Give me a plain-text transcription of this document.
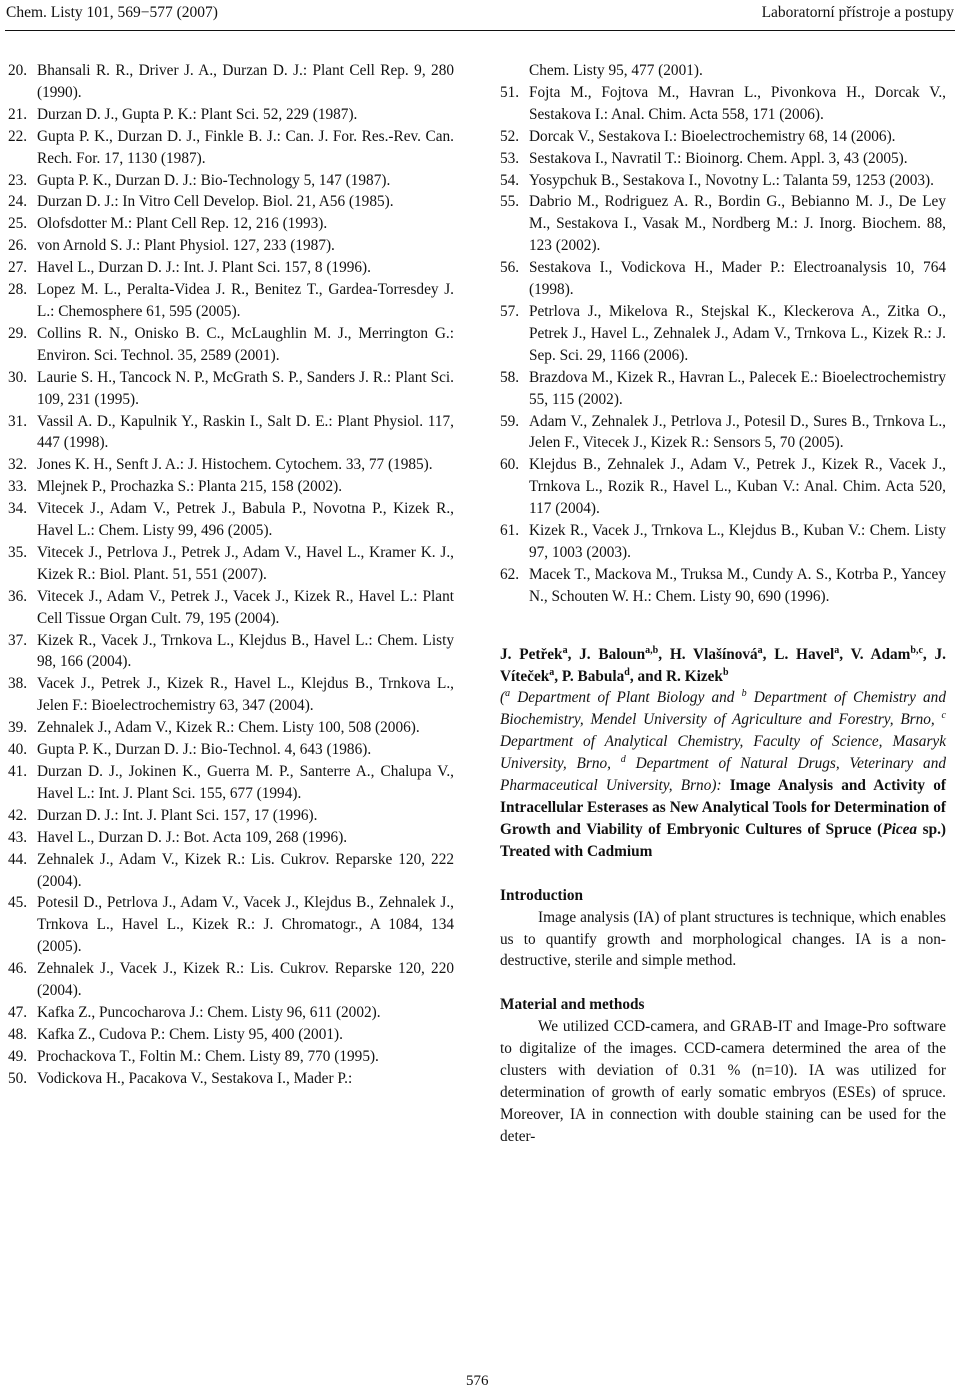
Chem. Listy 101, 569−577 (2007)	Laboratorní přístroje a postupy
20. Bhansali R. R., Driver J. A., Durzan D. J.: Plant Cell Rep. 9, 280 (1990).
21. Durzan D. J., Gupta P. K.: Plant Sci. 52, 229 (1987).
22. Gupta P. K., Durzan D. J., Finkle B. J.: Can. J. For. Res.-Rev. Can. Rech. For. 17, 1130 (1987).
23. Gupta P. K., Durzan D. J.: Bio-Technology 5, 147 (1987).
24. Durzan D. J.: In Vitro Cell Develop. Biol. 21, A56 (1985).
25. Olofsdotter M.: Plant Cell Rep. 12, 216 (1993).
26. von Arnold S. J.: Plant Physiol. 127, 233 (1987).
27. Havel L., Durzan D. J.: Int. J. Plant Sci. 157, 8 (1996).
28. Lopez M. L., Peralta-Videa J. R., Benitez T., Gardea-Torresdey J. L.: Chemosphere 61, 595 (2005).
29. Collins R. N., Onisko B. C., McLaughlin M. J., Merrington G.: Environ. Sci. Technol. 35, 2589 (2001).
30. Laurie S. H., Tancock N. P., McGrath S. P., Sanders J. R.: Plant Sci. 109, 231 (1995).
31. Vassil A. D., Kapulnik Y., Raskin I., Salt D. E.: Plant Physiol. 117, 447 (1998).
32. Jones K. H., Senft J. A.: J. Histochem. Cytochem. 33, 77 (1985).
33. Mlejnek P., Prochazka S.: Planta 215, 158 (2002).
34. Vitecek J., Adam V., Petrek J., Babula P., Novotna P., Kizek R., Havel L.: Chem. Listy 99, 496 (2005).
35. Vitecek J., Petrlova J., Petrek J., Adam V., Havel L., Kramer K. J., Kizek R.: Biol. Plant. 51, 551 (2007).
36. Vitecek J., Adam V., Petrek J., Vacek J., Kizek R., Havel L.: Plant Cell Tissue Organ Cult. 79, 195 (2004).
37. Kizek R., Vacek J., Trnkova L., Klejdus B., Havel L.: Chem. Listy 98, 166 (2004).
38. Vacek J., Petrek J., Kizek R., Havel L., Klejdus B., Trnkova L., Jelen F.: Bioelectrochemistry 63, 347 (2004).
39. Zehnalek J., Adam V., Kizek R.: Chem. Listy 100, 508 (2006).
40. Gupta P. K., Durzan D. J.: Bio-Technol. 4, 643 (1986).
41. Durzan D. J., Jokinen K., Guerra M. P., Santerre A., Chalupa V., Havel L.: Int. J. Plant Sci. 155, 677 (1994).
42. Durzan D. J.: Int. J. Plant Sci. 157, 17 (1996).
43. Havel L., Durzan D. J.: Bot. Acta 109, 268 (1996).
44. Zehnalek J., Adam V., Kizek R.: Lis. Cukrov. Reparske 120, 222 (2004).
45. Potesil D., Petrlova J., Adam V., Vacek J., Klejdus B., Zehnalek J., Trnkova L., Havel L., Kizek R.: J. Chromatogr., A 1084, 134 (2005).
46. Zehnalek J., Vacek J., Kizek R.: Lis. Cukrov. Reparske 120, 220 (2004).
47. Kafka Z., Puncocharova J.: Chem. Listy 96, 611 (2002).
48. Kafka Z., Cudova P.: Chem. Listy 95, 400 (2001).
49. Prochackova T., Foltin M.: Chem. Listy 89, 770 (1995).
50. Vodickova H., Pacakova V., Sestakova I., Mader P.:
Chem. Listy 95, 477 (2001).
51. Fojta M., Fojtova M., Havran L., Pivonkova H., Dorcak V., Sestakova I.: Anal. Chim. Acta 558, 171 (2006).
52. Dorcak V., Sestakova I.: Bioelectrochemistry 68, 14 (2006).
53. Sestakova I., Navratil T.: Bioinorg. Chem. Appl. 3, 43 (2005).
54. Yosypchuk B., Sestakova I., Novotny L.: Talanta 59, 1253 (2003).
55. Dabrio M., Rodriguez A. R., Bordin G., Bebianno M. J., De Ley M., Sestakova I., Vasak M., Nordberg M.: J. Inorg. Biochem. 88, 123 (2002).
56. Sestakova I., Vodickova H., Mader P.: Electroanalysis 10, 764 (1998).
57. Petrlova J., Mikelova R., Stejskal K., Kleckerova A., Zitka O., Petrek J., Havel L., Zehnalek J., Adam V., Trnkova L., Kizek R.: J. Sep. Sci. 29, 1166 (2006).
58. Brazdova M., Kizek R., Havran L., Palecek E.: Bioelectrochemistry 55, 115 (2002).
59. Adam V., Zehnalek J., Petrlova J., Potesil D., Sures B., Trnkova L., Jelen F., Vitecek J., Kizek R.: Sensors 5, 70 (2005).
60. Klejdus B., Zehnalek J., Adam V., Petrek J., Kizek R., Vacek J., Trnkova L., Rozik R., Havel L., Kuban V.: Anal. Chim. Acta 520, 117 (2004).
61. Kizek R., Vacek J., Trnkova L., Klejdus B., Kuban V.: Chem. Listy 97, 1003 (2003).
62. Macek T., Mackova M., Truksa M., Cundy A. S., Kotrba P., Yancey N., Schouten W. H.: Chem. Listy 90, 690 (1996).
J. Petřek$^a$, J. Baloun$^{a,b}$, H. Vlašínová$^a$, L. Havel$^a$, V. Adam$^{b,c}$, J. Víteček$^a$, P. Babula$^d$, and R. Kizek$^b$
($^a$ Department of Plant Biology and $^b$ Department of Chemistry and Biochemistry, Mendel University of Agriculture and Forestry, Brno, $^c$ Department of Analytical Chemistry, Faculty of Science, Masaryk University, Brno, $^d$ Department of Natural Drugs, Veterinary and Pharmaceutical University, Brno): Image Analysis and Activity of Intracellular Esterases as New Analytical Tools for Determination of Growth and Viability of Embryonic Cultures of Spruce (Picea sp.) Treated with Cadmium
Introduction
Image analysis (IA) of plant structures is technique, which enables us to quantify growth and morphological changes. IA is a non-destructive, sterile and simple method.
Material and methods
We utilized CCD-camera, and GRAB-IT and Image-Pro software to digitalize of the images. CCD-camera determined the area of the clusters with deviation of 0.31 % (n=10). IA was utilized for determination of growth of early somatic embryos (ESEs) of spruce. Moreover, IA in connection with double staining can be used for the deter-
576
